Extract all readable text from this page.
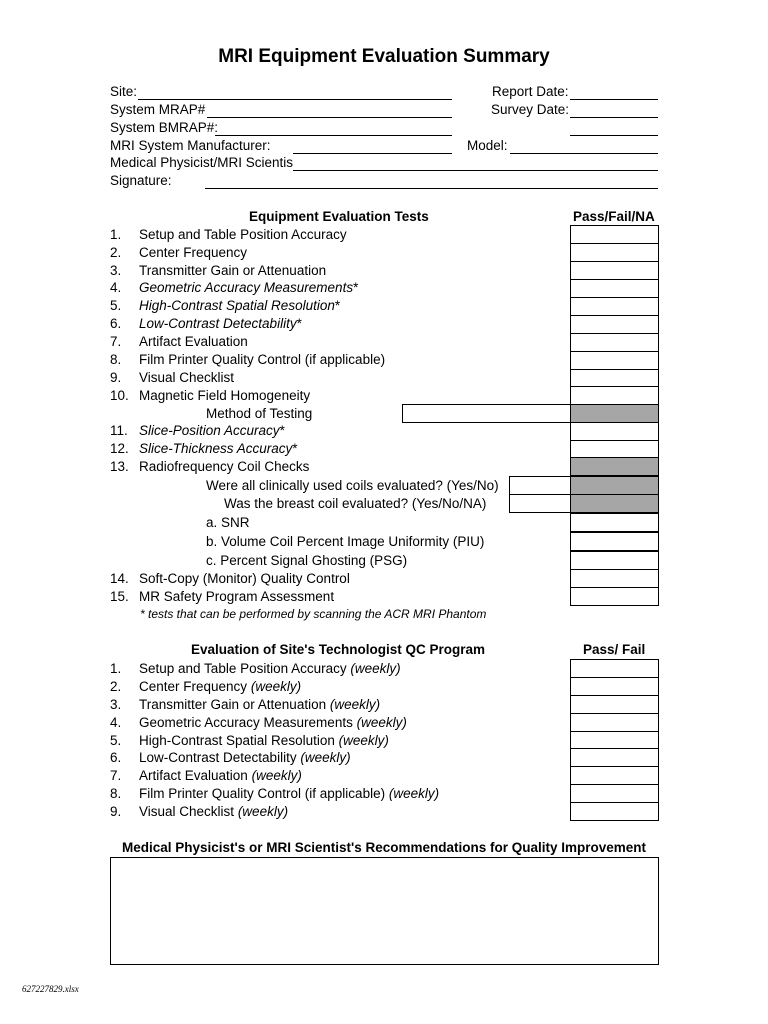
MRI Equipment Evaluation Summary
Site:
System MRAP#
System BMRAP#:
MRI System Manufacturer:
Medical Physicist/MRI Scientis
Signature:
Report Date:
Survey Date:
Model:
Equipment Evaluation Tests	Pass/Fail/NA
1. Setup and Table Position Accuracy
2. Center Frequency
3. Transmitter Gain or Attenuation
4. Geometric Accuracy Measurements*
5. High-Contrast Spatial Resolution*
6. Low-Contrast Detectability*
7. Artifact Evaluation
8. Film Printer Quality Control (if applicable)
9. Visual Checklist
10. Magnetic Field Homogeneity
Method of Testing
11. Slice-Position Accuracy*
12. Slice-Thickness Accuracy*
13. Radiofrequency Coil Checks
Were all clinically used coils evaluated? (Yes/No)
Was the breast coil evaluated? (Yes/No/NA)
a. SNR
b. Volume Coil Percent Image Uniformity (PIU)
c. Percent Signal Ghosting (PSG)
14. Soft-Copy (Monitor) Quality Control
15. MR Safety Program Assessment
* tests that can be performed by scanning the ACR MRI Phantom
Evaluation of Site's Technologist QC Program	Pass/ Fail
1. Setup and Table Position Accuracy (weekly)
2. Center Frequency (weekly)
3. Transmitter Gain or Attenuation (weekly)
4. Geometric Accuracy Measurements (weekly)
5. High-Contrast Spatial Resolution (weekly)
6. Low-Contrast Detectability (weekly)
7. Artifact Evaluation (weekly)
8. Film Printer Quality Control (if applicable) (weekly)
9. Visual Checklist (weekly)
Medical Physicist's or MRI Scientist's Recommendations for Quality Improvement
627227829.xlsx
